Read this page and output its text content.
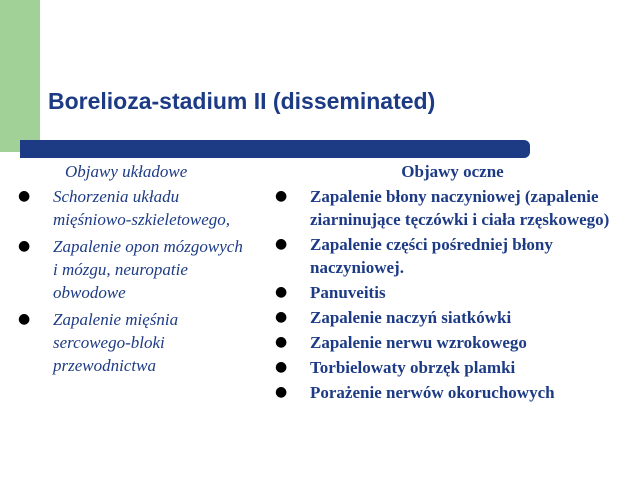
Borelioza-stadium II (disseminated)

Objawy układowe

● Schorzenia układu mięśniowo-szkieletowego,
● Zapalenie opon mózgowych i mózgu, neuropatie obwodowe
● Zapalenie mięśnia sercowego-bloki przewodnictwa

Objawy oczne

● Zapalenie błony naczyniowej (zapalenie ziarninujące tęczówki i ciała rzęskowego)
● Zapalenie części pośredniej błony naczyniowej.
● Panuveitis
● Zapalenie naczyń siatkówki
● Zapalenie nerwu wzrokowego
● Torbielowaty obrzęk plamki
● Porażenie nerwów okoruchowych
